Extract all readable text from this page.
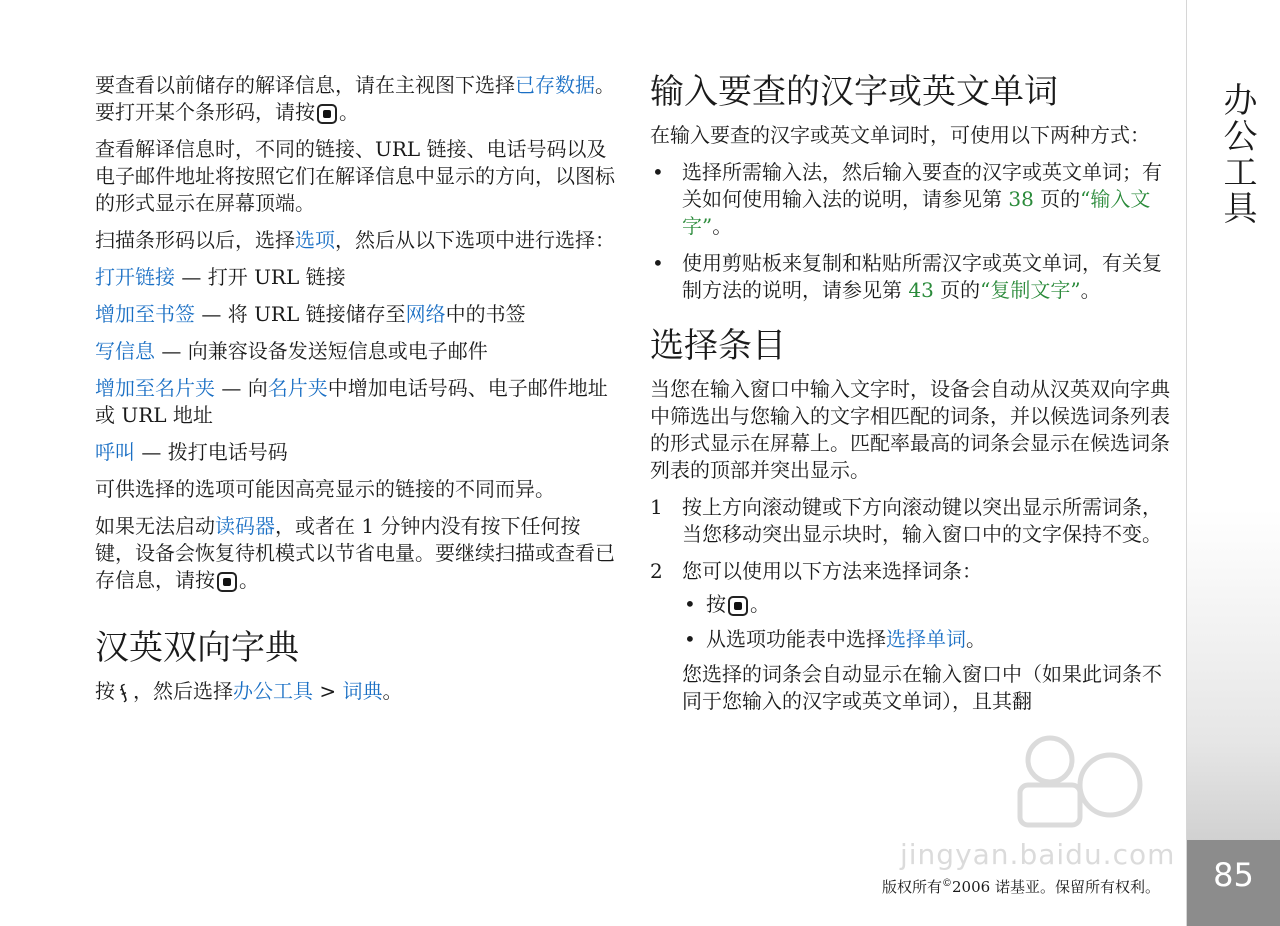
要查看以前储存的解译信息，请在主视图下选择已存数据。要打开某个条形码，请按 。

查看解译信息时，不同的链接、URL 链接、电话号码以及电子邮件地址将按照它们在解译信息中显示的方向，以图标的形式显示在屏幕顶端。

扫描条形码以后，选择选项，然后从以下选项中进行选择：

打开链接 — 打开 URL 链接

增加至书签 — 将 URL 链接储存至网络中的书签

写信息 — 向兼容设备发送短信息或电子邮件

增加至名片夹 — 向名片夹中增加电话号码、电子邮件地址或 URL 地址

呼叫 — 拨打电话号码

可供选择的选项可能因高亮显示的链接的不同而异。

如果无法启动读码器，或者在 1 分钟内没有按下任何按键，设备会恢复待机模式以节省电量。要继续扫描或查看已存信息，请按 。

汉英双向字典

按 ʄ ，然后选择办公工具 > 词典。

输入要查的汉字或英文单词

在输入要查的汉字或英文单词时，可使用以下两种方式：

• 选择所需输入法，然后输入要查的汉字或英文单词；有关如何使用输入法的说明，请参见第 38 页的“输入文字”。
• 使用剪贴板来复制和粘贴所需汉字或英文单词，有关复制方法的说明，请参见第 43 页的“复制文字”。
选择条目

当您在输入窗口中输入文字时，设备会自动从汉英双向字典中筛选出与您输入的文字相匹配的词条，并以候选词条列表的形式显示在屏幕上。匹配率最高的词条会显示在候选词条列表的顶部并突出显示。

1 按上方向滚动键或下方向滚动键以突出显示所需词条，当您移动突出显示块时，输入窗口中的文字保持不变。
2 您可以使用以下方法来选择词条：
• 按 。
• 从选项功能表中选择选择单词。
您选择的词条会自动显示在输入窗口中（如果此词条不同于您输入的汉字或英文单词），且其翻
办公工具
85
版权所有©2006 诺基亚。保留所有权利。
jingyan.baidu.com
